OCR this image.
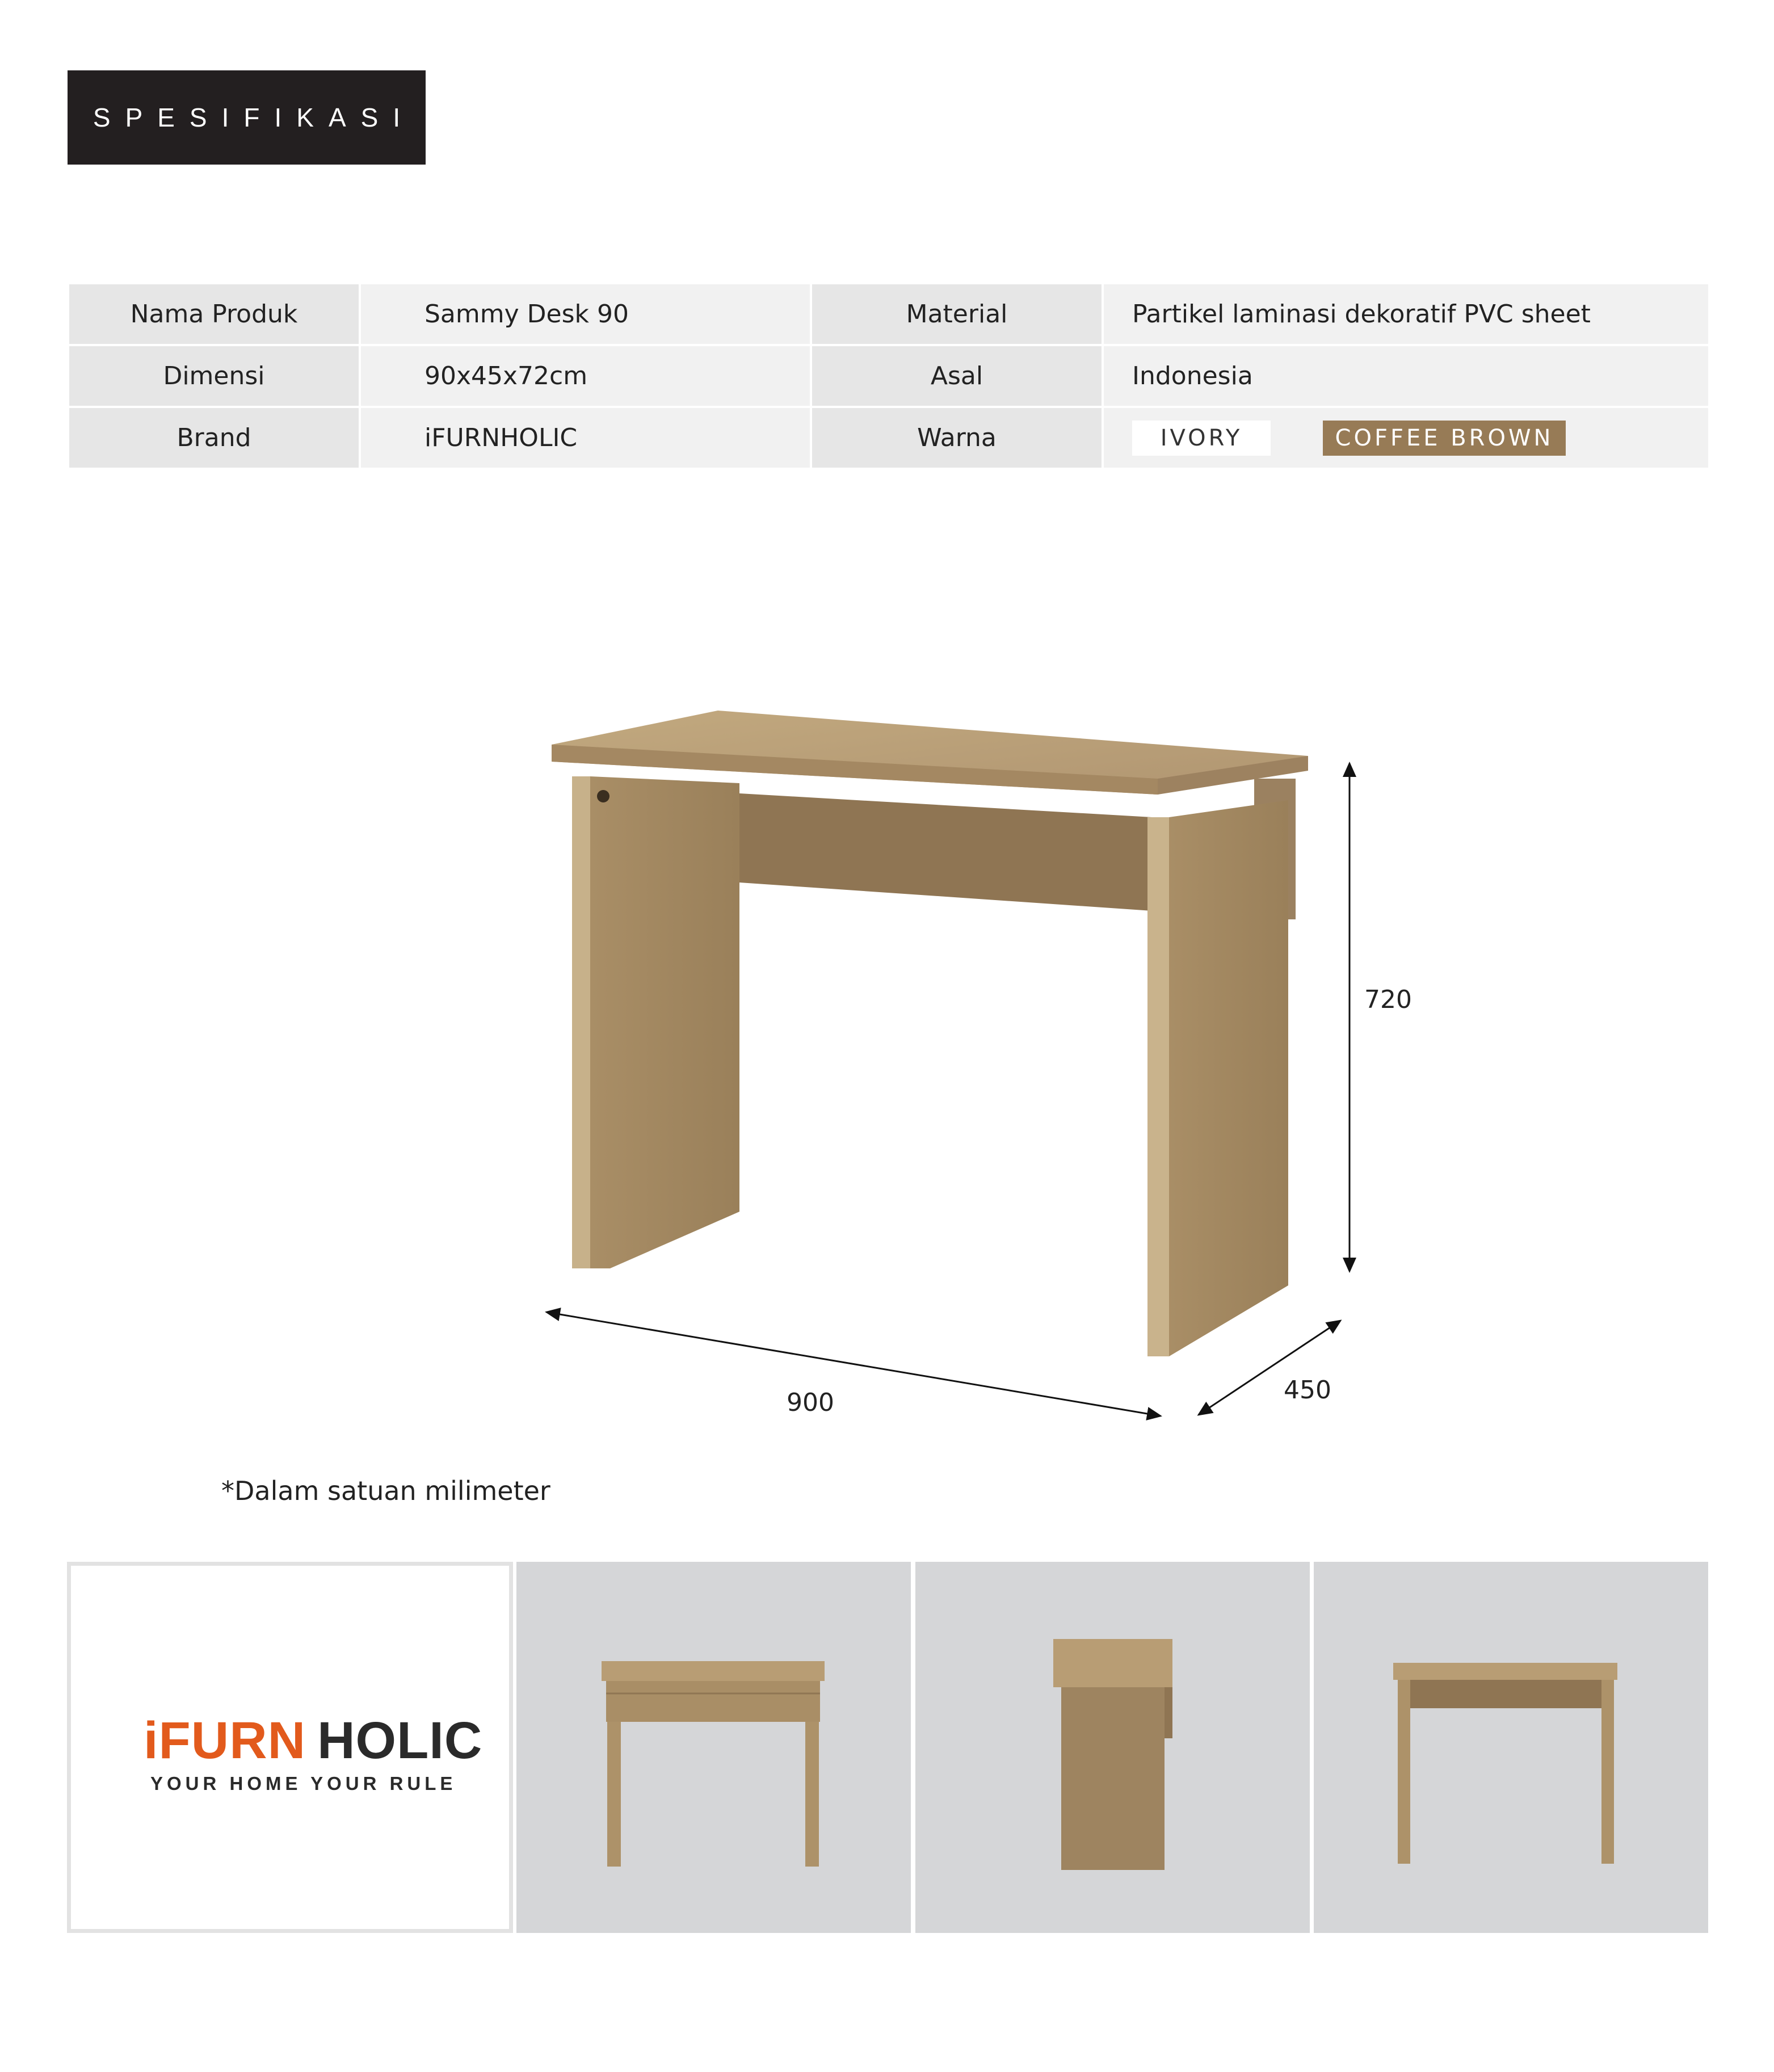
SPESIFIKASI
Nama Produk	Sammy Desk 90	Material	Partikel laminasi dekoratif PVC sheet
Dimensi	90x45x72cm	Asal	Indonesia
Brand	iFURNHOLIC	Warna	IVORY COFFEE BROWN
720
900	450
*Dalam satuan milimeter
iFURN HOLIC
YOUR HOME YOUR RULE
